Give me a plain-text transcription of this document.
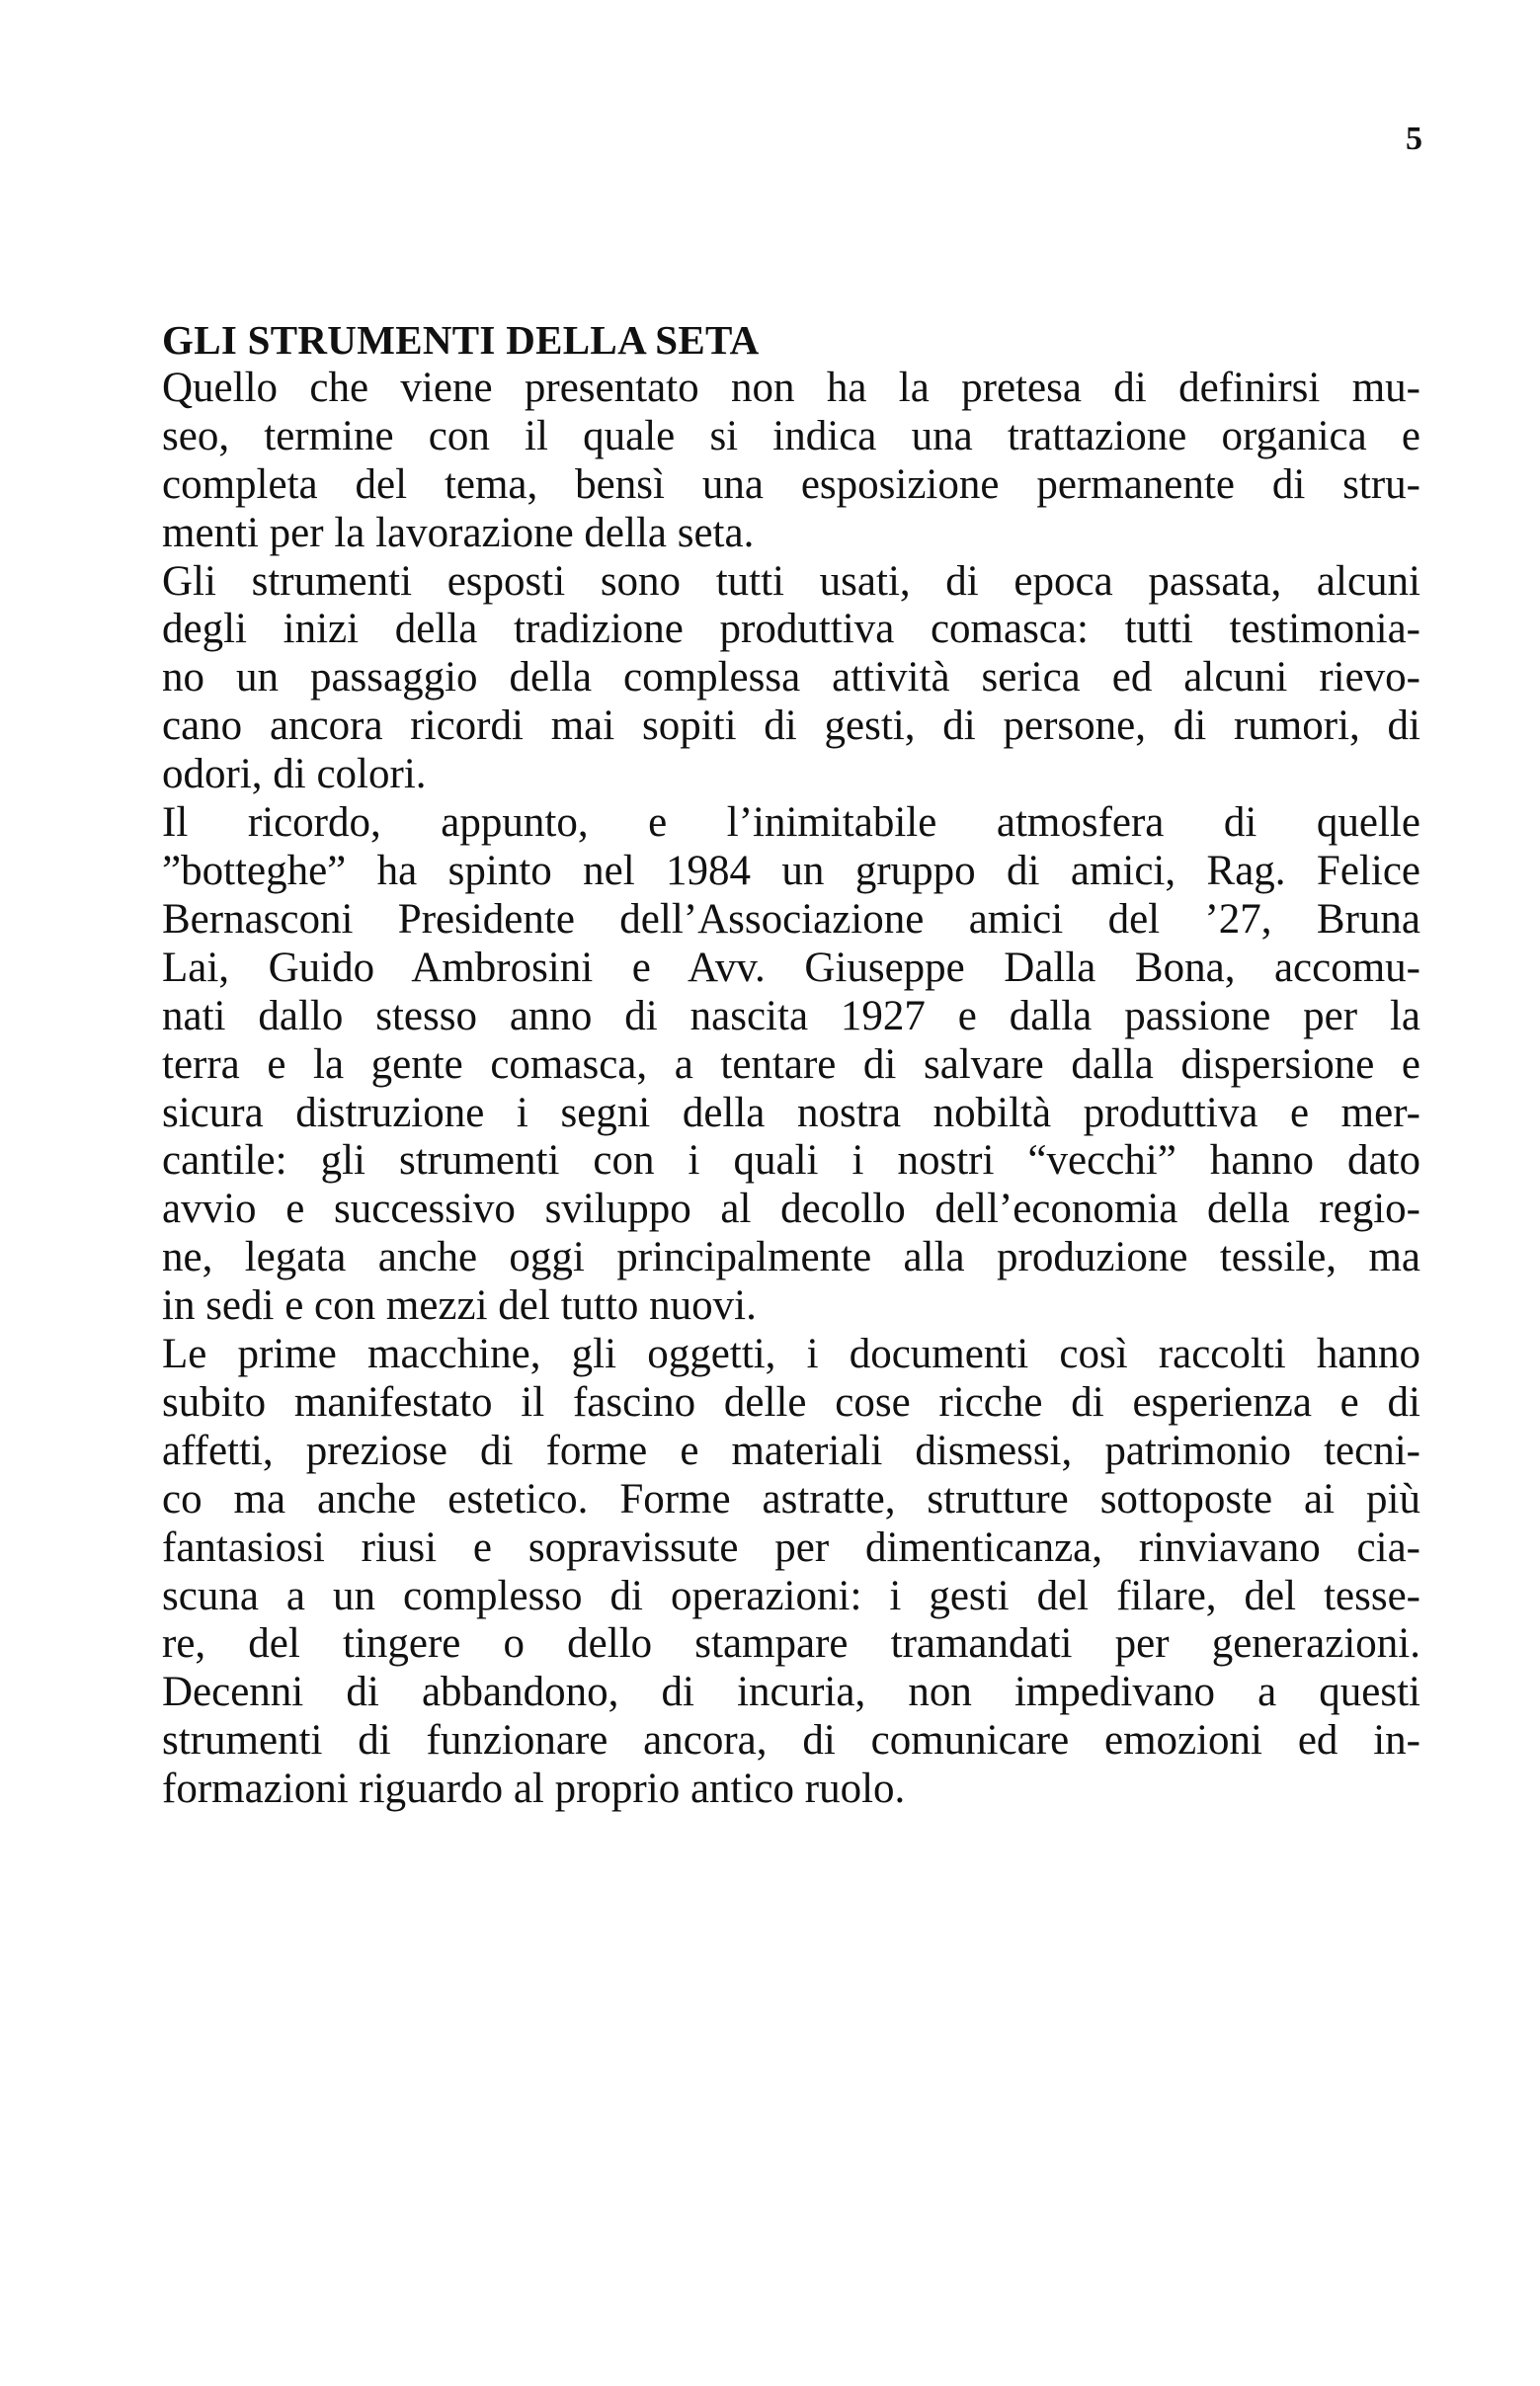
5
GLI STRUMENTI DELLA SETA
Quello che viene presentato non ha la pretesa di definirsi mu-
seo, termine con il quale si indica una trattazione organica e
completa del tema, bensì una esposizione permanente di stru-
menti per la lavorazione della seta.
Gli strumenti esposti sono tutti usati, di epoca passata, alcuni
degli inizi della tradizione produttiva comasca: tutti testimonia-
no un passaggio della complessa attività serica ed alcuni rievo-
cano ancora ricordi mai sopiti di gesti, di persone, di rumori, di
odori, di colori.
Il ricordo, appunto, e l’inimitabile atmosfera di quelle
”botteghe” ha spinto nel 1984 un gruppo di amici, Rag. Felice
Bernasconi Presidente dell’Associazione amici del ’27, Bruna
Lai, Guido Ambrosini e Avv. Giuseppe Dalla Bona, accomu-
nati dallo stesso anno di nascita 1927 e dalla passione per la
terra e la gente comasca, a tentare di salvare dalla dispersione e
sicura distruzione i segni della nostra nobiltà produttiva e mer-
cantile: gli strumenti con i quali i nostri “vecchi” hanno dato
avvio e successivo sviluppo al decollo dell’economia della regio-
ne, legata anche oggi principalmente alla produzione tessile, ma
in sedi e con mezzi del tutto nuovi.
Le prime macchine, gli oggetti, i documenti così raccolti hanno
subito manifestato il fascino delle cose ricche di esperienza e di
affetti, preziose di forme e materiali dismessi, patrimonio tecni-
co ma anche estetico. Forme astratte, strutture sottoposte ai più
fantasiosi riusi e sopravissute per dimenticanza, rinviavano cia-
scuna a un complesso di operazioni: i gesti del filare, del tesse-
re, del tingere o dello stampare tramandati per generazioni.
Decenni di abbandono, di incuria, non impedivano a questi
strumenti di funzionare ancora, di comunicare emozioni ed in-
formazioni riguardo al proprio antico ruolo.
